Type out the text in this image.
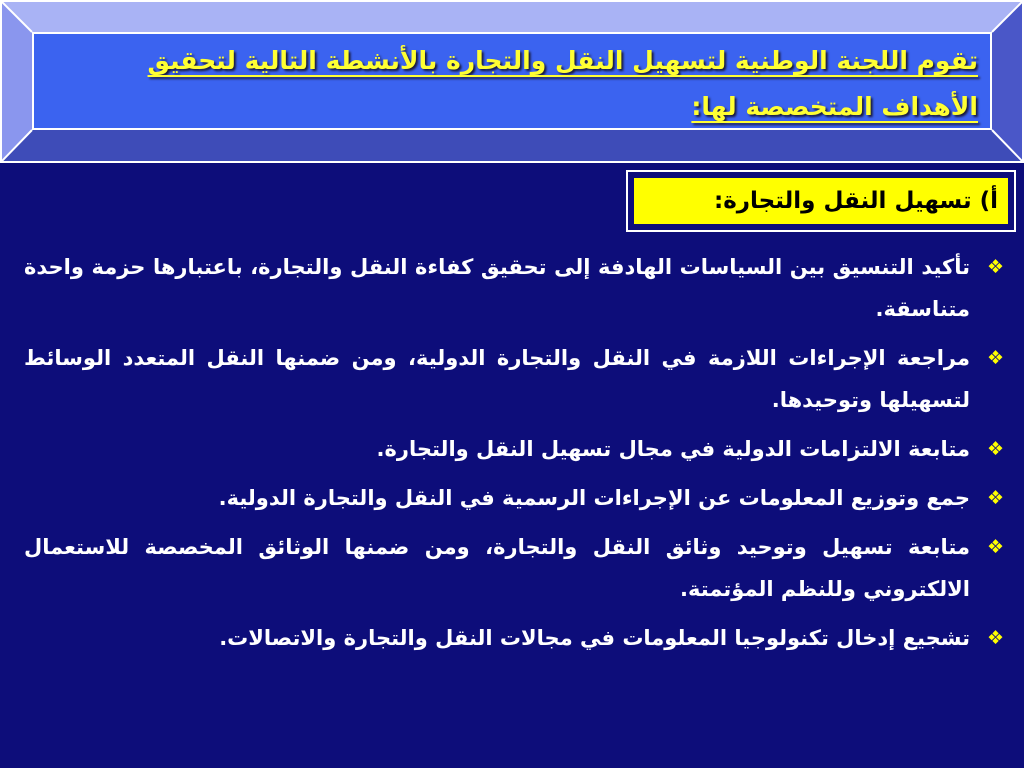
تقوم اللجنة الوطنية لتسهيل النقل والتجارة بالأنشطة التالية لتحقيق الأهداف المتخصصة لها:
أ) تسهيل النقل والتجارة:
❖
تأكيد التنسيق بين السياسات الهادفة إلى تحقيق كفاءة النقل والتجارة، باعتبارها حزمة واحدة متناسقة.
❖
مراجعة الإجراءات اللازمة في النقل والتجارة الدولية، ومن ضمنها النقل المتعدد الوسائط لتسهيلها وتوحيدها.
❖
متابعة الالتزامات الدولية في مجال تسهيل النقل والتجارة.
❖
جمع وتوزيع المعلومات عن الإجراءات الرسمية في النقل والتجارة الدولية.
❖
متابعة تسهيل وتوحيد وثائق النقل والتجارة، ومن ضمنها الوثائق المخصصة للاستعمال الالكتروني وللنظم المؤتمتة.
❖
تشجيع إدخال تكنولوجيا المعلومات في مجالات النقل والتجارة والاتصالات.
